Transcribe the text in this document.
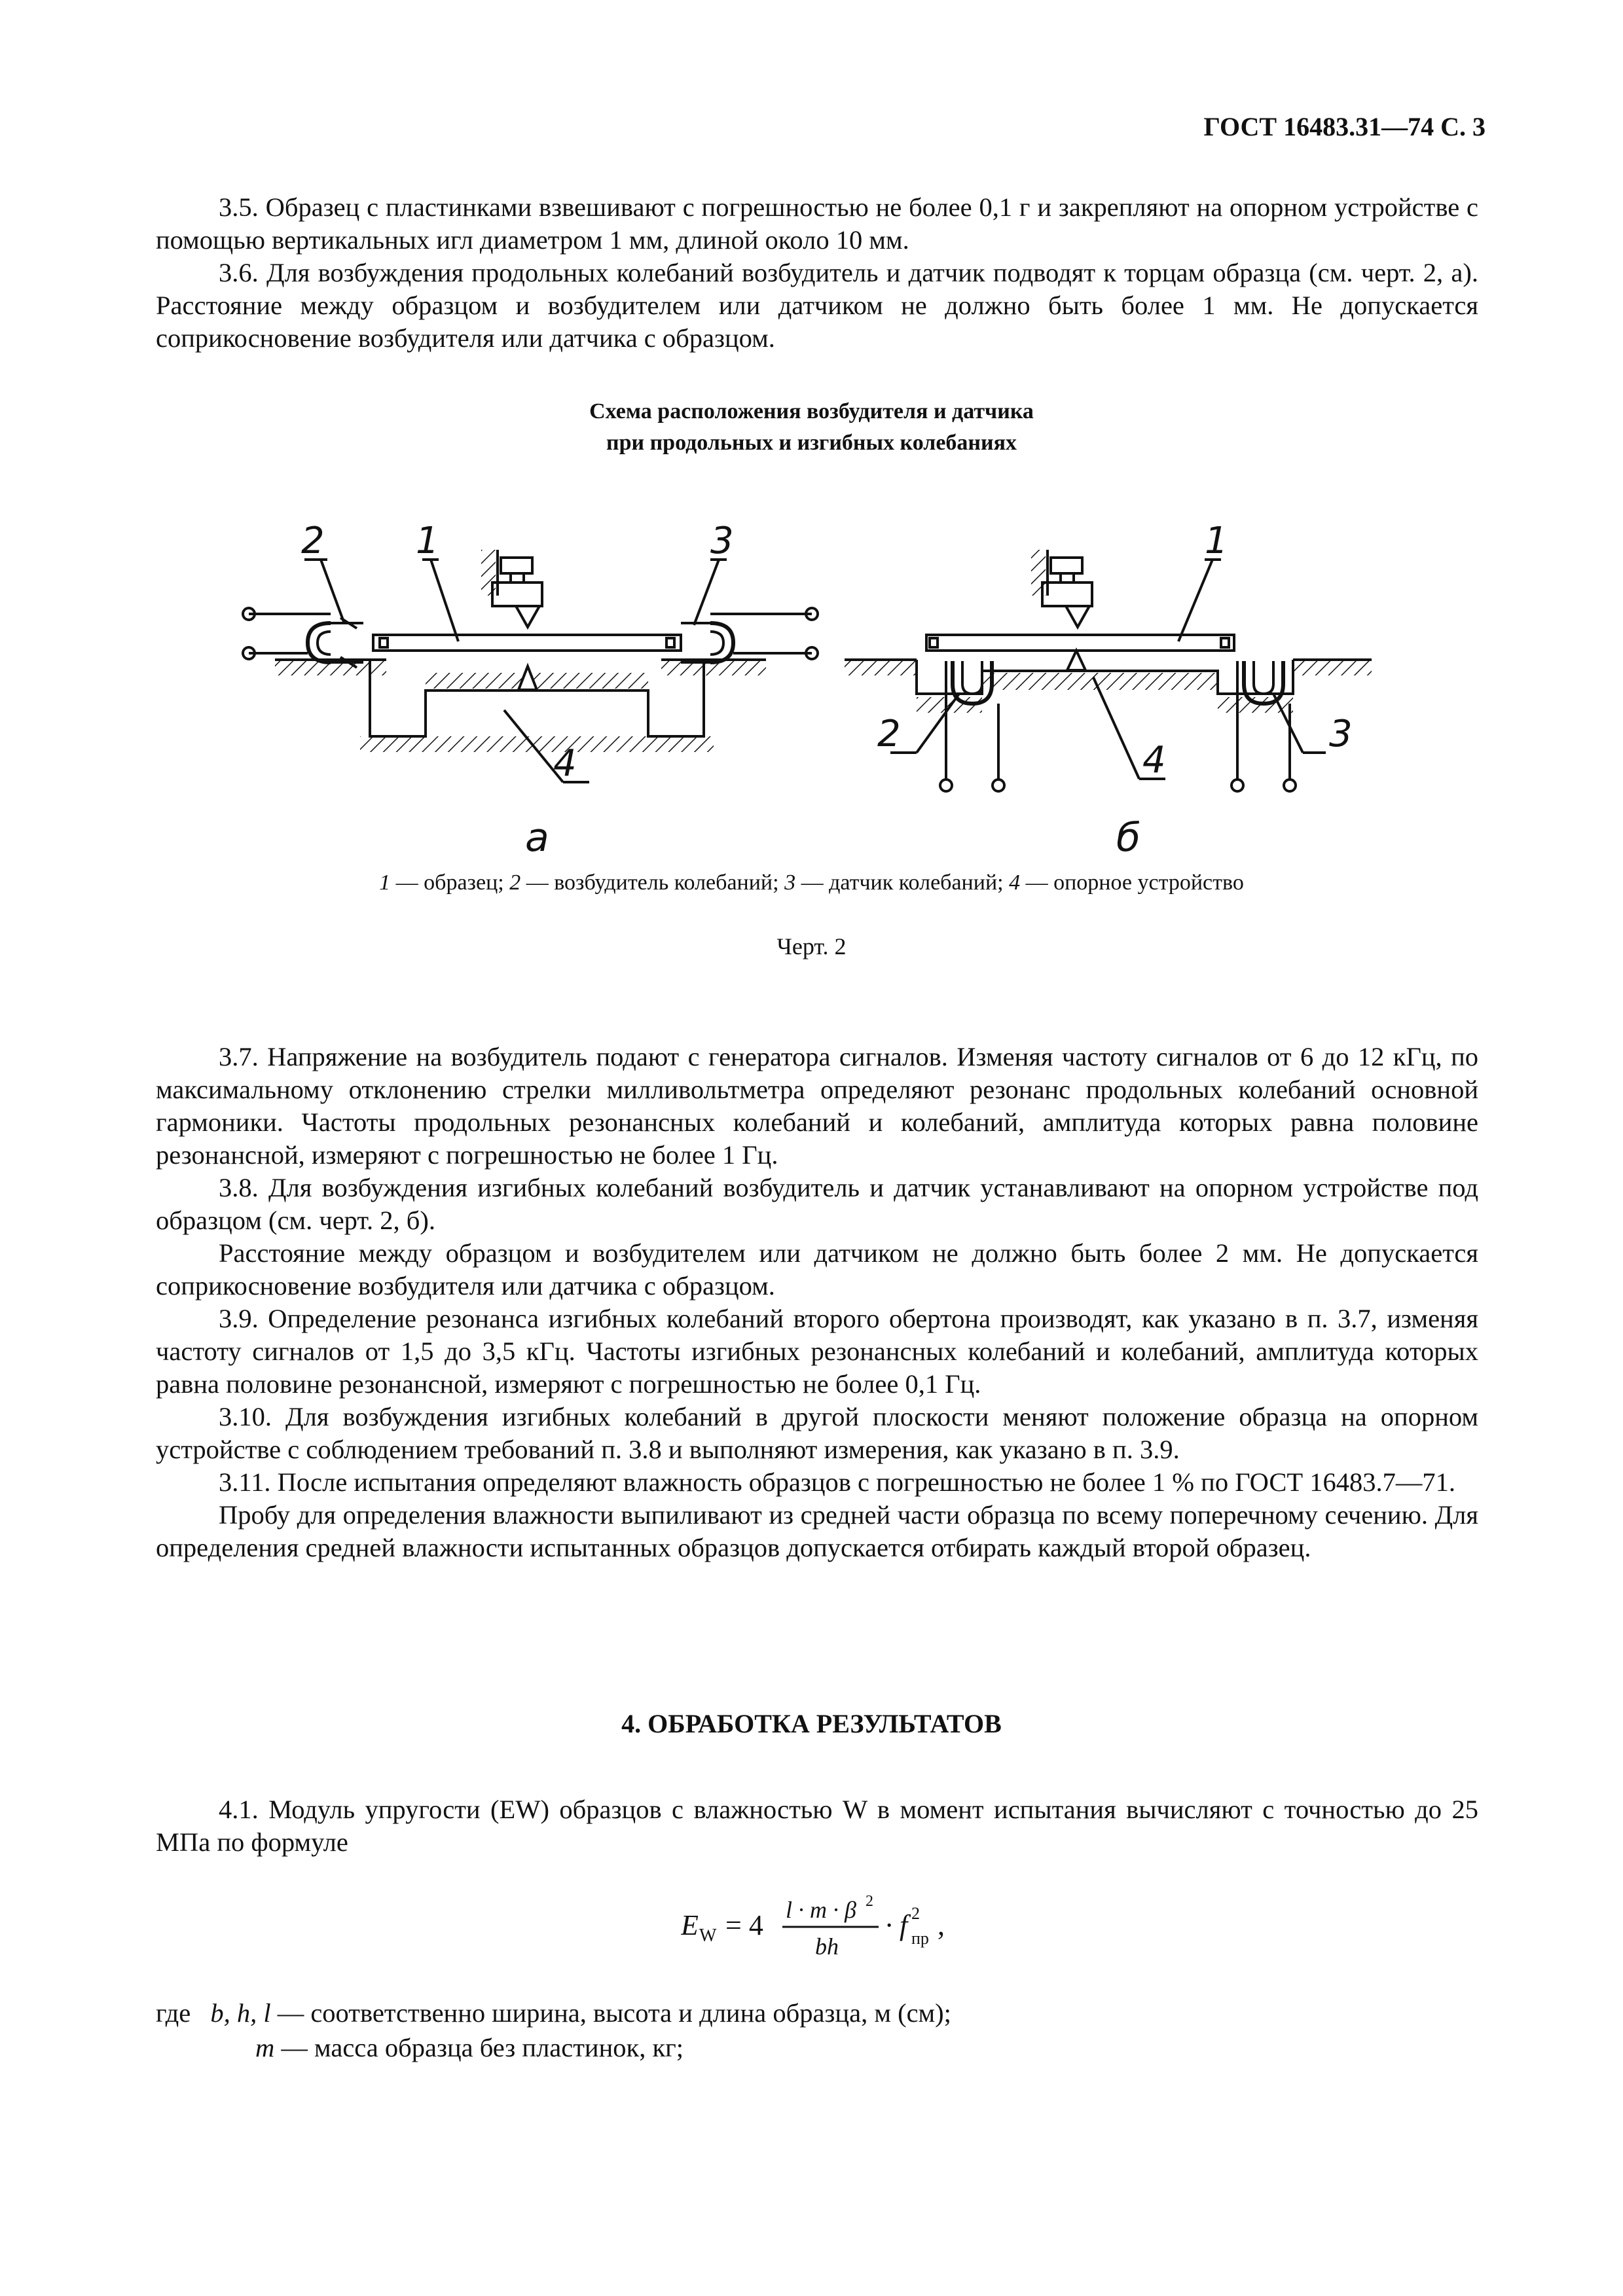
ГОСТ 16483.31—74 С. 3

3.5. Образец с пластинками взвешивают с погрешностью не более 0,1 г и закрепляют на опорном устройстве с помощью вертикальных игл диаметром 1 мм, длиной около 10 мм.

3.6. Для возбуждения продольных колебаний возбудитель и датчик подводят к торцам образца (см. черт. 2, а). Расстояние между образцом и возбудителем или датчиком не должно быть более 1 мм. Не допускается соприкосновение возбудителя или датчика с образцом.

Схема расположения возбудителя и датчика
при продольных и изгибных колебаниях
2 1	3
4
а
2
1
3
4
б
1 — образец; 2 — возбудитель колебаний; 3 — датчик колебаний; 4 — опорное устройство
Черт. 2

3.7. Напряжение на возбудитель подают с генератора сигналов. Изменяя частоту сигналов от 6 до 12 кГц, по максимальному отклонению стрелки милливольтметра определяют резонанс продольных колебаний основной гармоники. Частоты продольных резонансных колебаний и колебаний, амплитуда которых равна половине резонансной, измеряют с погрешностью не более 1 Гц.

3.8. Для возбуждения изгибных колебаний возбудитель и датчик устанавливают на опорном устройстве под образцом (см. черт. 2, б).

Расстояние между образцом и возбудителем или датчиком не должно быть более 2 мм. Не допускается соприкосновение возбудителя или датчика с образцом.

3.9. Определение резонанса изгибных колебаний второго обертона производят, как указано в п. 3.7, изменяя частоту сигналов от 1,5 до 3,5 кГц. Частоты изгибных резонансных колебаний и колебаний, амплитуда которых равна половине резонансной, измеряют с погрешностью не более 0,1 Гц.

3.10. Для возбуждения изгибных колебаний в другой плоскости меняют положение образца на опорном устройстве с соблюдением требований п. 3.8 и выполняют измерения, как указано в п. 3.9.

3.11. После испытания определяют влажность образцов с погрешностью не более 1 % по ГОСТ 16483.7—71.

Пробу для определения влажности выпиливают из средней части образца по всему поперечному сечению. Для определения средней влажности испытанных образцов допускается отбирать каждый второй образец.

4. ОБРАБОТКА РЕЗУЛЬТАТОВ

4.1. Модуль упругости (EW) образцов с влажностью W в момент испытания вычисляют с точностью до 25 МПа по формуле

E W = 4 l · m · β 2
bh
· f 2
пр ,
где b, h, l — соответственно ширина, высота и длина образца, м (см);
m — масса образца без пластинок, кг;
